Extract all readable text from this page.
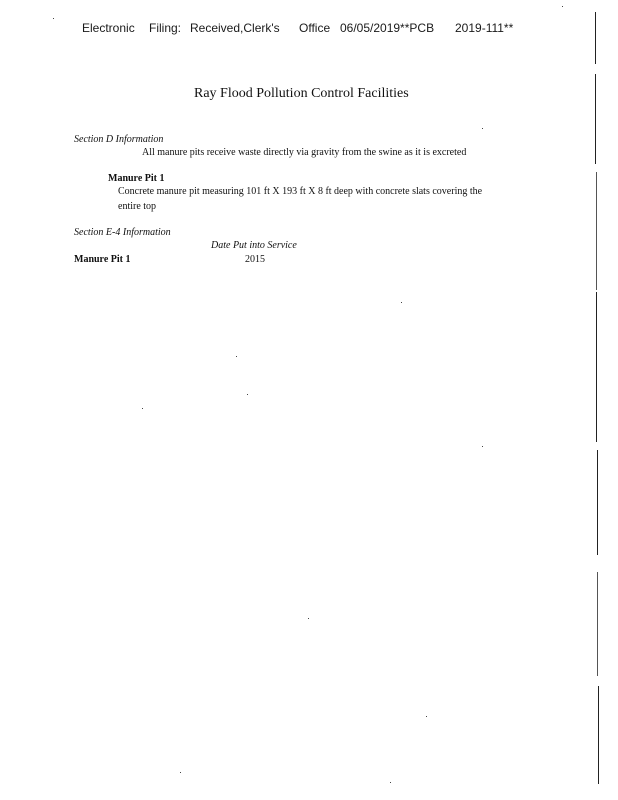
Electronic Filing: Received,Clerk's Office 06/05/2019**PCB 2019-111**
Ray Flood Pollution Control Facilities
Section D Information
All manure pits receive waste directly via gravity from the swine as it is excreted
Manure Pit 1
Concrete manure pit measuring 101 ft X 193 ft X 8 ft deep with concrete slats covering the
entire top
Section E-4 Information
Date Put into Service
Manure Pit 1	2015
